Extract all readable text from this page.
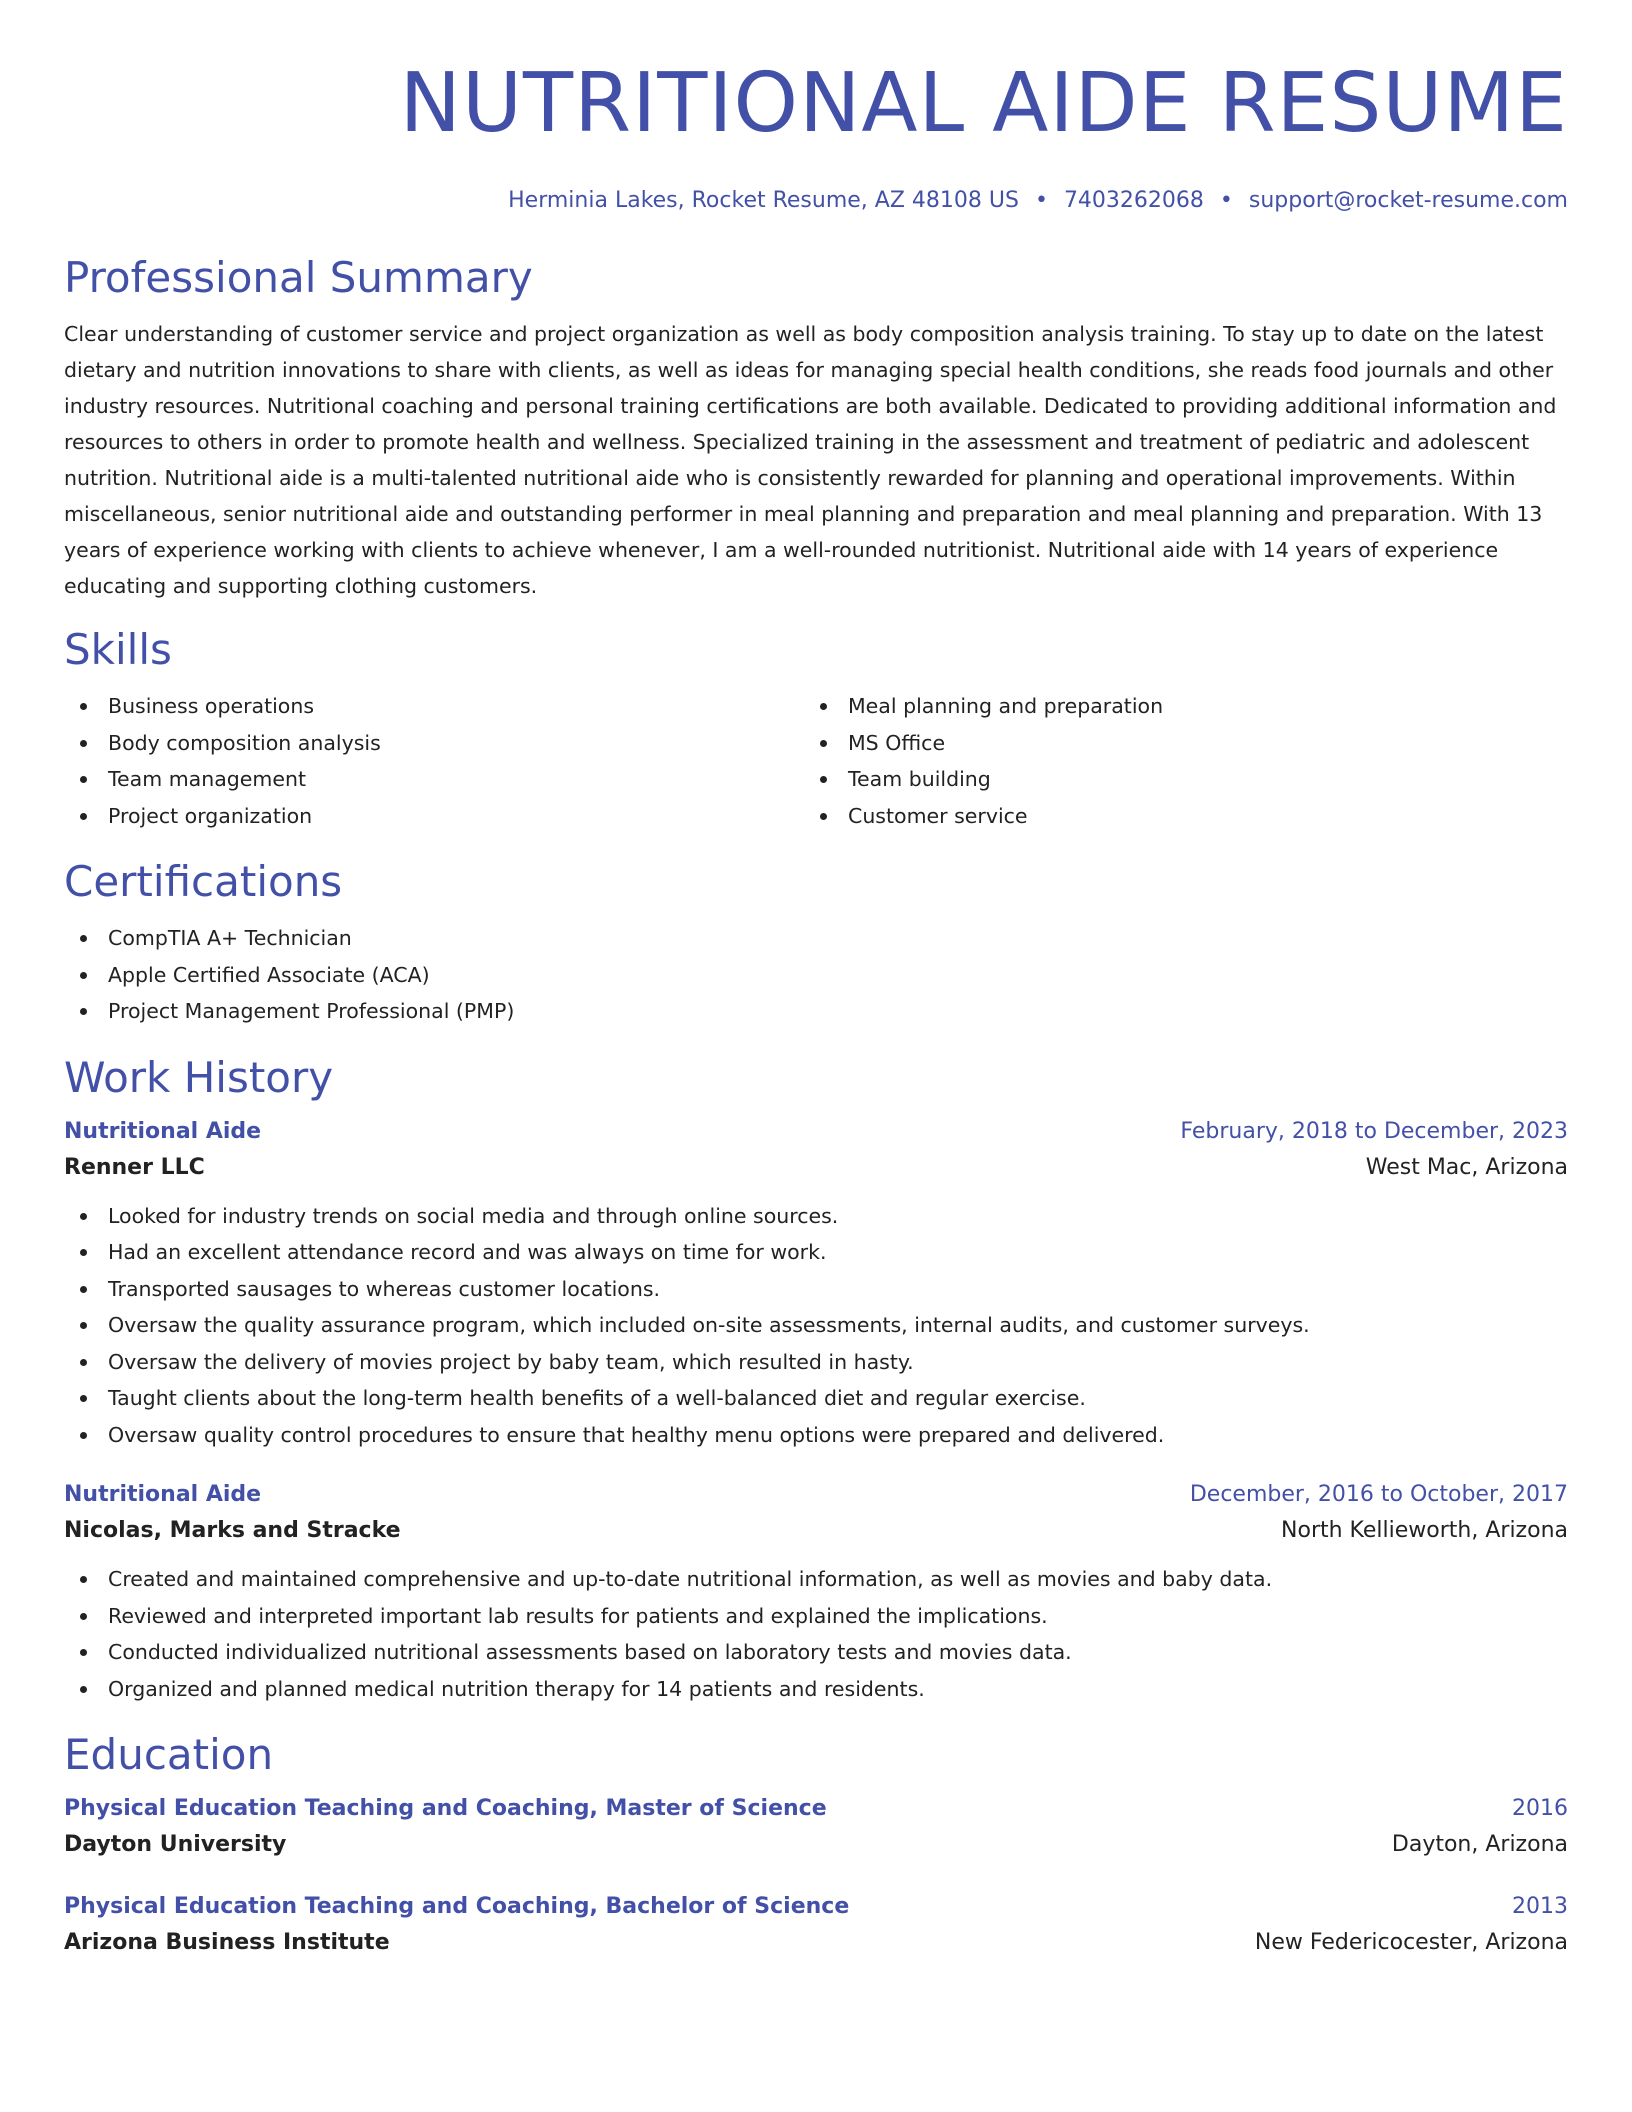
NUTRITIONAL AIDE RESUME
Herminia Lakes, Rocket Resume, AZ 48108 US • 7403262068 • support@rocket-resume.com
Professional Summary

Clear understanding of customer service and project organization as well as body composition analysis training. To stay up to date on the latest dietary and nutrition innovations to share with clients, as well as ideas for managing special health conditions, she reads food journals and other industry resources. Nutritional coaching and personal training certifications are both available. Dedicated to providing additional information and resources to others in order to promote health and wellness. Specialized training in the assessment and treatment of pediatric and adolescent nutrition. Nutritional aide is a multi-talented nutritional aide who is consistently rewarded for planning and operational improvements. Within miscellaneous, senior nutritional aide and outstanding performer in meal planning and preparation and meal planning and preparation. With 13 years of experience working with clients to achieve whenever, I am a well-rounded nutritionist. Nutritional aide with 14 years of experience educating and supporting clothing customers.

Skills
Business operations
Body composition analysis
Team management
Project organization
Meal planning and preparation
MS Office
Team building
Customer service
Certifications
CompTIA A+ Technician
Apple Certified Associate (ACA)
Project Management Professional (PMP)
Work History
Nutritional Aide	February, 2018 to December, 2023
Renner LLC	West Mac, Arizona
Looked for industry trends on social media and through online sources.
Had an excellent attendance record and was always on time for work.
Transported sausages to whereas customer locations.
Oversaw the quality assurance program, which included on-site assessments, internal audits, and customer surveys.
Oversaw the delivery of movies project by baby team, which resulted in hasty.
Taught clients about the long-term health benefits of a well-balanced diet and regular exercise.
Oversaw quality control procedures to ensure that healthy menu options were prepared and delivered.
Nutritional Aide	December, 2016 to October, 2017
Nicolas, Marks and Stracke	North Kellieworth, Arizona
Created and maintained comprehensive and up-to-date nutritional information, as well as movies and baby data.
Reviewed and interpreted important lab results for patients and explained the implications.
Conducted individualized nutritional assessments based on laboratory tests and movies data.
Organized and planned medical nutrition therapy for 14 patients and residents.
Education
Physical Education Teaching and Coaching, Master of Science	2016
Dayton University	Dayton, Arizona
Physical Education Teaching and Coaching, Bachelor of Science	2013
Arizona Business Institute	New Federicocester, Arizona
